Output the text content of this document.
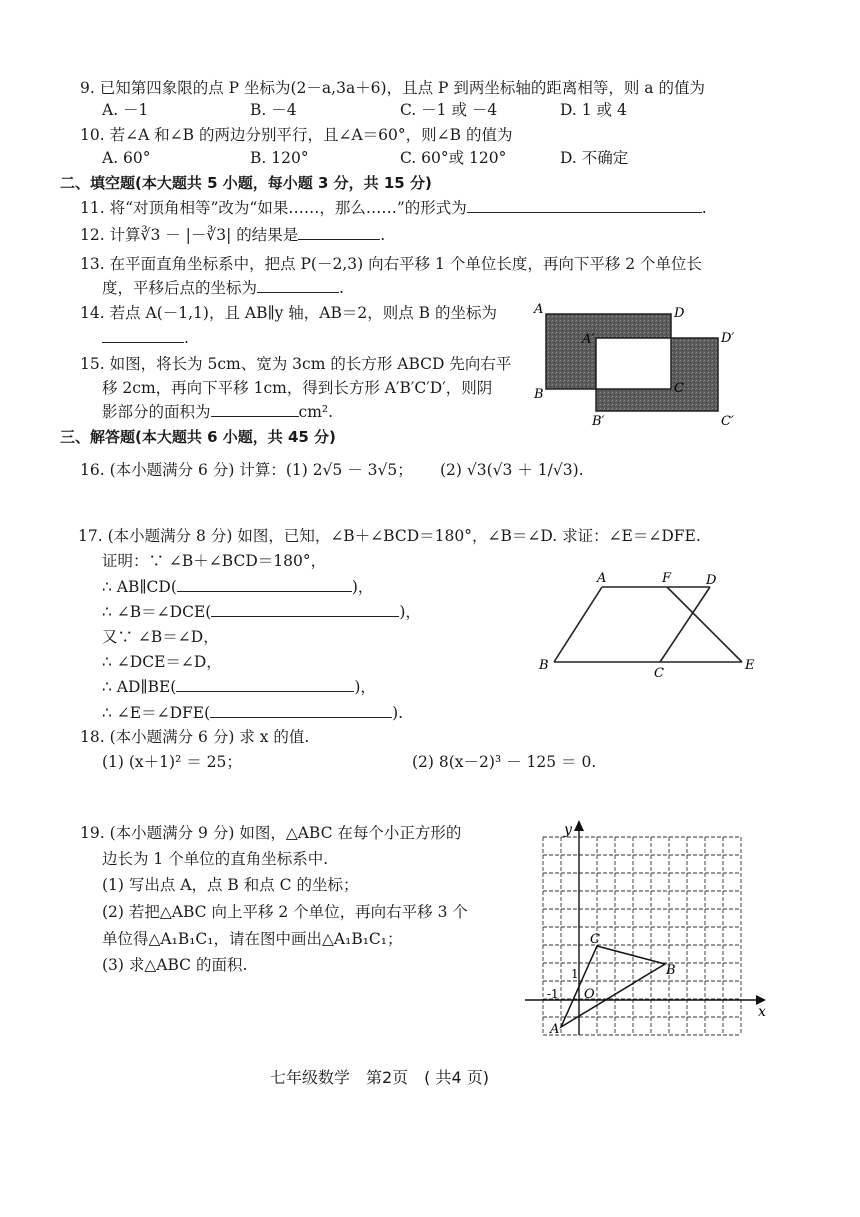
9. 已知第四象限的点 P 坐标为(2－a,3a＋6)，且点 P 到两坐标轴的距离相等，则 a 的值为
A. －1	B. －4	C. －1 或 －4	D. 1 或 4
10. 若∠A 和∠B 的两边分别平行，且∠A＝60°，则∠B 的值为
A. 60°	B. 120°	C. 60°或 120°	D. 不确定
二、填空题(本大题共 5 小题，每小题 3 分，共 15 分)
11. 将“对顶角相等”改为“如果……，那么……”的形式为	.
12. 计算∛3 － |－∛3| 的结果是	.
13. 在平面直角坐标系中，把点 P(－2,3) 向右平移 1 个单位长度，再向下平移 2 个单位长
度，平移后点的坐标为	.
14. 若点 A(－1,1)，且 AB∥y 轴，AB＝2，则点 B 的坐标为
.
15. 如图，将长为 5cm、宽为 3cm 的长方形 ABCD 先向右平
移 2cm，再向下平移 1cm，得到长方形 A′B′C′D′，则阴
影部分的面积为	cm².
A	D
A′	D′
B	C
B′	C′
三、解答题(本大题共 6 小题，共 45 分)
16. (本小题满分 6 分) 计算：(1) 2√5 － 3√5； (2) √3(√3 ＋ 1/√3).
17. (本小题满分 8 分) 如图，已知，∠B＋∠BCD＝180°，∠B＝∠D. 求证：∠E＝∠DFE.
证明：∵ ∠B＋∠BCD＝180°，
∴ AB∥CD(	)，
∴ ∠B＝∠DCE(	)，
又∵ ∠B＝∠D，
∴ ∠DCE＝∠D，
∴ AD∥BE(	)，
∴ ∠E＝∠DFE(	).
A	F	D
B
C
E
18. (本小题满分 6 分) 求 x 的值.
(1) (x＋1)² ＝ 25；	(2) 8(x－2)³ － 125 ＝ 0.
19. (本小题满分 9 分) 如图，△ABC 在每个小正方形的
边长为 1 个单位的直角坐标系中.
(1) 写出点 A，点 B 和点 C 的坐标；
(2) 若把△ABC 向上平移 2 个单位，再向右平移 3 个
单位得△A₁B₁C₁，请在图中画出△A₁B₁C₁；
(3) 求△ABC 的面积.
x
y
O
1
-1
A
B
C
七年级数学　第2页　( 共4 页)
